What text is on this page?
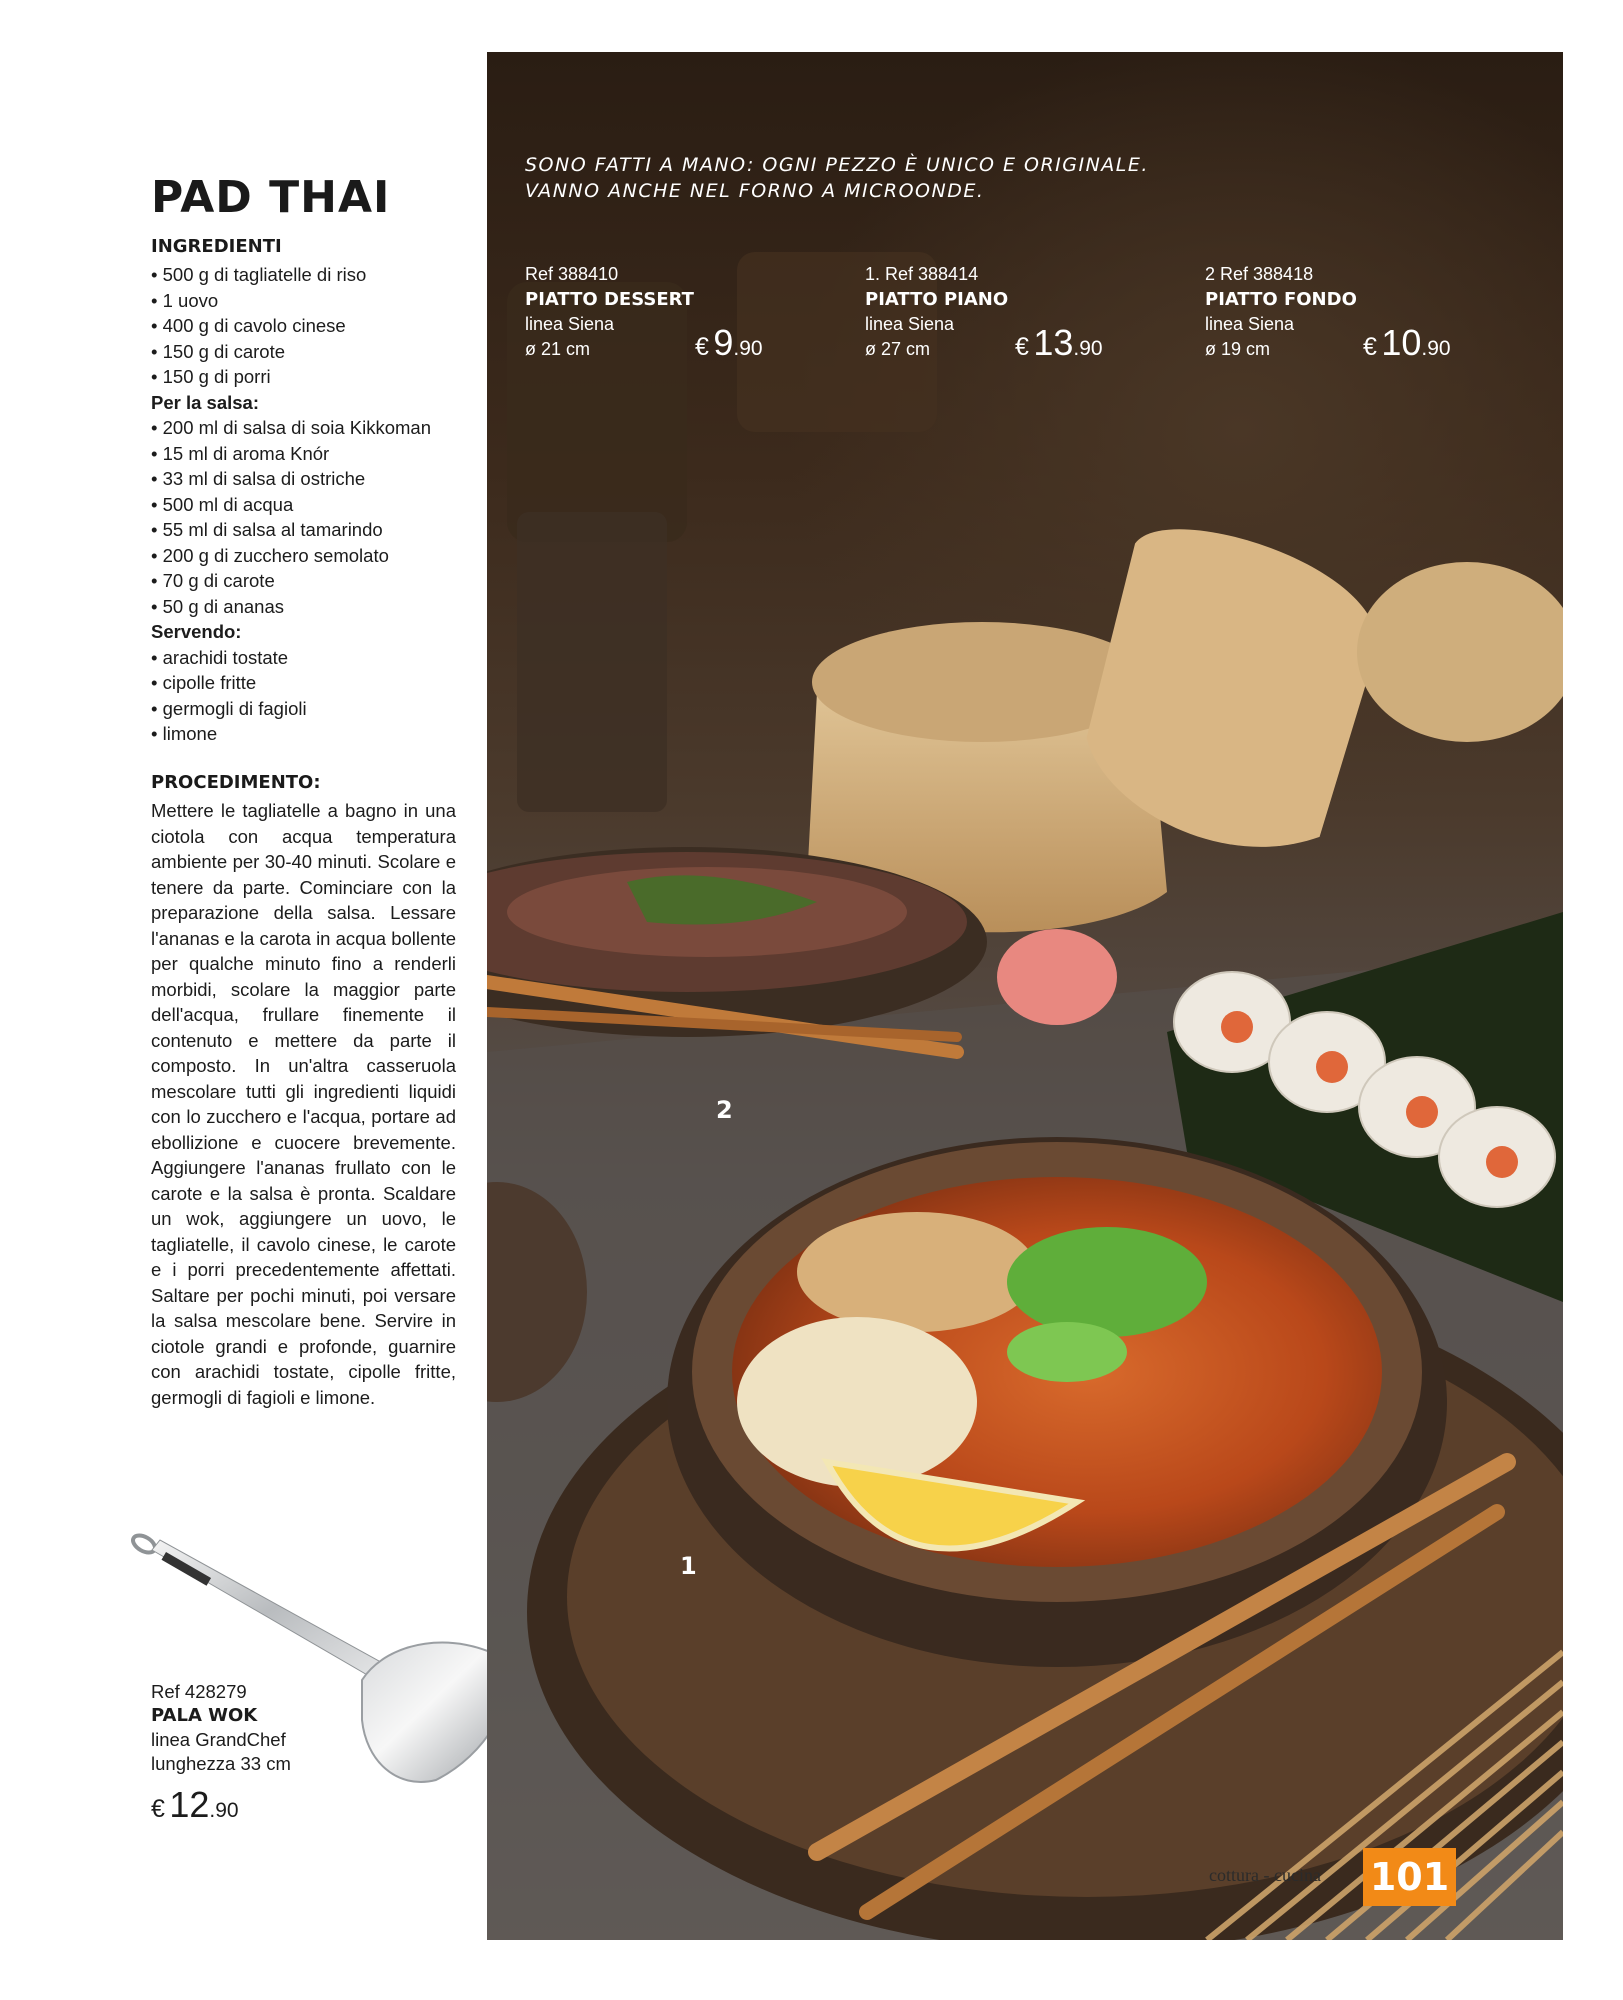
PAD THAI
INGREDIENTI
• 500 g di tagliatelle di riso
• 1 uovo
• 400 g di cavolo cinese
• 150 g di carote
• 150 g di porri
Per la salsa:
• 200 ml di salsa di soia Kikkoman
• 15 ml di aroma Knór
• 33 ml di salsa di ostriche
• 500 ml di acqua
• 55 ml di salsa al tamarindo
• 200 g di zucchero semolato
• 70 g di carote
• 50 g di ananas
Servendo:
• arachidi tostate
• cipolle fritte
• germogli di fagioli
• limone
PROCEDIMENTO:

Mettere le tagliatelle a bagno in una ciotola con acqua temperatura ambiente per 30-40 minuti. Scolare e tenere da parte. Cominciare con la preparazione della salsa. Lessare l'ananas e la carota in acqua bollente per qualche minuto fino a renderli morbidi, scolare la maggior parte dell'acqua, frullare finemente il contenuto e mettere da parte il composto. In un'altra casseruola mescolare tutti gli ingredienti liquidi con lo zucchero e l'acqua, portare ad ebollizione e cuocere brevemente. Aggiungere l'ananas frullato con le carote e la salsa è pronta. Scaldare un wok, aggiungere un uovo, le tagliatelle, il cavolo cinese, le carote e i porri precedentemente affettati. Saltare per pochi minuti, poi versare la salsa mescolare bene. Servire in ciotole grandi e profonde, guarnire con arachidi tostate, cipolle fritte, germogli di fagioli e limone.

Ref 428279
PALA WOK
linea GrandChef
lunghezza 33 cm
€ 12.90

SONO FATTI A MANO: OGNI PEZZO È UNICO E ORIGINALE.
VANNO ANCHE NEL FORNO A MICROONDE.

Ref 388410
PIATTO DESSERT
linea Siena
ø 21 cm	€ 9.90
1. Ref 388414
PIATTO PIANO
linea Siena
ø 27 cm	€ 13.90
2 Ref 388418
PIATTO FONDO
linea Siena
ø 19 cm	€ 10.90
2
1
cottura - cucina 101
